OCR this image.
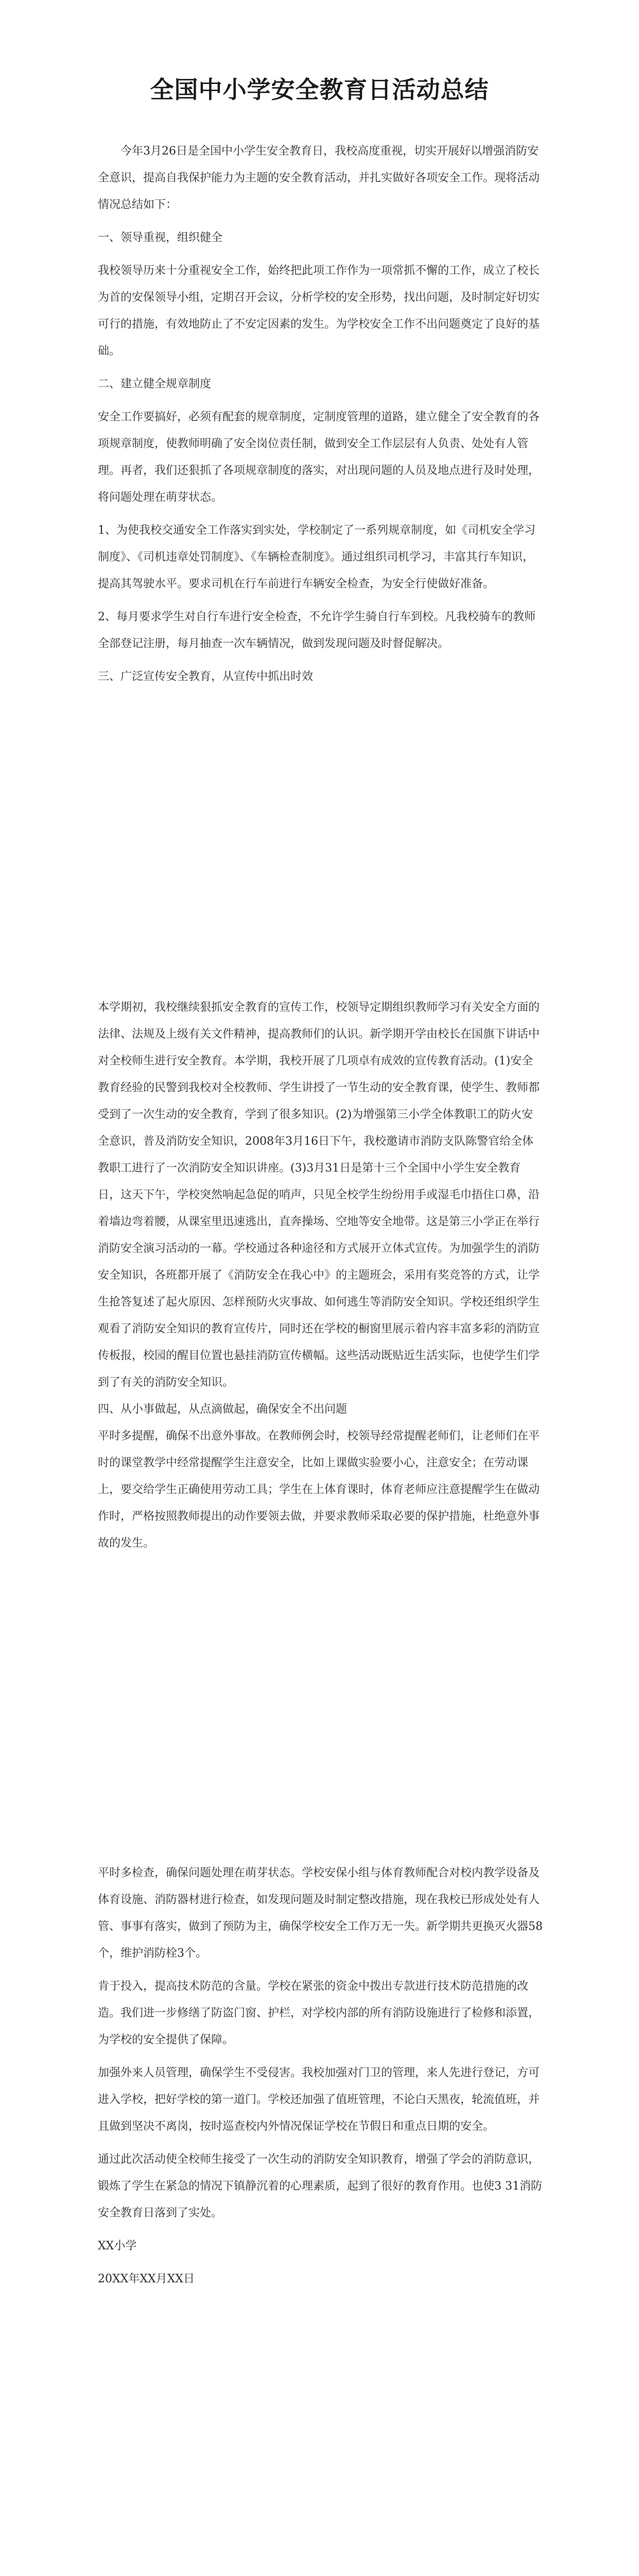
全国中小学安全教育日活动总结

今年3月26日是全国中小学生安全教育日，我校高度重视，切实开展好以增强消防安全意识，提高自我保护能力为主题的安全教育活动，并扎实做好各项安全工作。现将活动情况总结如下：

一、领导重视，组织健全

我校领导历来十分重视安全工作，始终把此项工作作为一项常抓不懈的工作，成立了校长为首的安保领导小组，定期召开会议，分析学校的安全形势，找出问题，及时制定好切实可行的措施，有效地防止了不安定因素的发生。为学校安全工作不出问题奠定了良好的基础。

二、建立健全规章制度

安全工作要搞好，必须有配套的规章制度，定制度管理的道路，建立健全了安全教育的各项规章制度，使教师明确了安全岗位责任制，做到安全工作层层有人负责、处处有人管理。再者，我们还狠抓了各项规章制度的落实，对出现问题的人员及地点进行及时处理，将问题处理在萌芽状态。

1、为使我校交通安全工作落实到实处，学校制定了一系列规章制度，如《司机安全学习制度》、《司机违章处罚制度》、《车辆检查制度》。通过组织司机学习，丰富其行车知识，提高其驾驶水平。要求司机在行车前进行车辆安全检查，为安全行使做好准备。

2、每月要求学生对自行车进行安全检查，不允许学生骑自行车到校。凡我校骑车的教师全部登记注册，每月抽查一次车辆情况，做到发现问题及时督促解决。

三、广泛宣传安全教育，从宣传中抓出时效

本学期初，我校继续狠抓安全教育的宣传工作，校领导定期组织教师学习有关安全方面的法律、法规及上级有关文件精神，提高教师们的认识。新学期开学由校长在国旗下讲话中对全校师生进行安全教育。本学期，我校开展了几项卓有成效的宣传教育活动。(1)安全教育经验的民警到我校对全校教师、学生讲授了一节生动的安全教育课，使学生、教师都受到了一次生动的安全教育，学到了很多知识。(2)为增强第三小学全体教职工的防火安全意识，普及消防安全知识，2008年3月16日下午，我校邀请市消防支队陈警官给全体教职工进行了一次消防安全知识讲座。(3)3月31日是第十三个全国中小学生安全教育日，这天下午，学校突然响起急促的哨声，只见全校学生纷纷用手或湿毛巾捂住口鼻，沿着墙边弯着腰，从课室里迅速逃出，直奔操场、空地等安全地带。这是第三小学正在举行消防安全演习活动的一幕。学校通过各种途径和方式展开立体式宣传。为加强学生的消防安全知识，各班都开展了《消防安全在我心中》的主题班会，采用有奖竞答的方式，让学生抢答复述了起火原因、怎样预防火灾事故、如何逃生等消防安全知识。学校还组织学生观看了消防安全知识的教育宣传片，同时还在学校的橱窗里展示着内容丰富多彩的消防宣传板报，校园的醒目位置也悬挂消防宣传横幅。这些活动既贴近生活实际，也使学生们学到了有关的消防安全知识。

四、从小事做起，从点滴做起，确保安全不出问题

平时多提醒，确保不出意外事故。在教师例会时，校领导经常提醒老师们，让老师们在平时的课堂教学中经常提醒学生注意安全，比如上课做实验要小心，注意安全；在劳动课上，要交给学生正确使用劳动工具；学生在上体育课时，体育老师应注意提醒学生在做动作时，严格按照教师提出的动作要领去做，并要求教师采取必要的保护措施，杜绝意外事故的发生。

平时多检查，确保问题处理在萌芽状态。学校安保小组与体育教师配合对校内教学设备及体育设施、消防器材进行检查，如发现问题及时制定整改措施，现在我校已形成处处有人管、事事有落实，做到了预防为主，确保学校安全工作万无一失。新学期共更换灭火器58个，维护消防栓3个。

肯于投入，提高技术防范的含量。学校在紧张的资金中拨出专款进行技术防范措施的改造。我们进一步修缮了防盗门窗、护栏，对学校内部的所有消防设施进行了检修和添置，为学校的安全提供了保障。

加强外来人员管理，确保学生不受侵害。我校加强对门卫的管理，来人先进行登记，方可进入学校，把好学校的第一道门。学校还加强了值班管理，不论白天黑夜，轮流值班，并且做到坚决不离岗，按时巡查校内外情况保证学校在节假日和重点日期的安全。

通过此次活动使全校师生接受了一次生动的消防安全知识教育，增强了学会的消防意识，锻炼了学生在紧急的情况下镇静沉着的心理素质，起到了很好的教育作用。也使3 31消防安全教育日落到了实处。

XX小学

20XX年XX月XX日
